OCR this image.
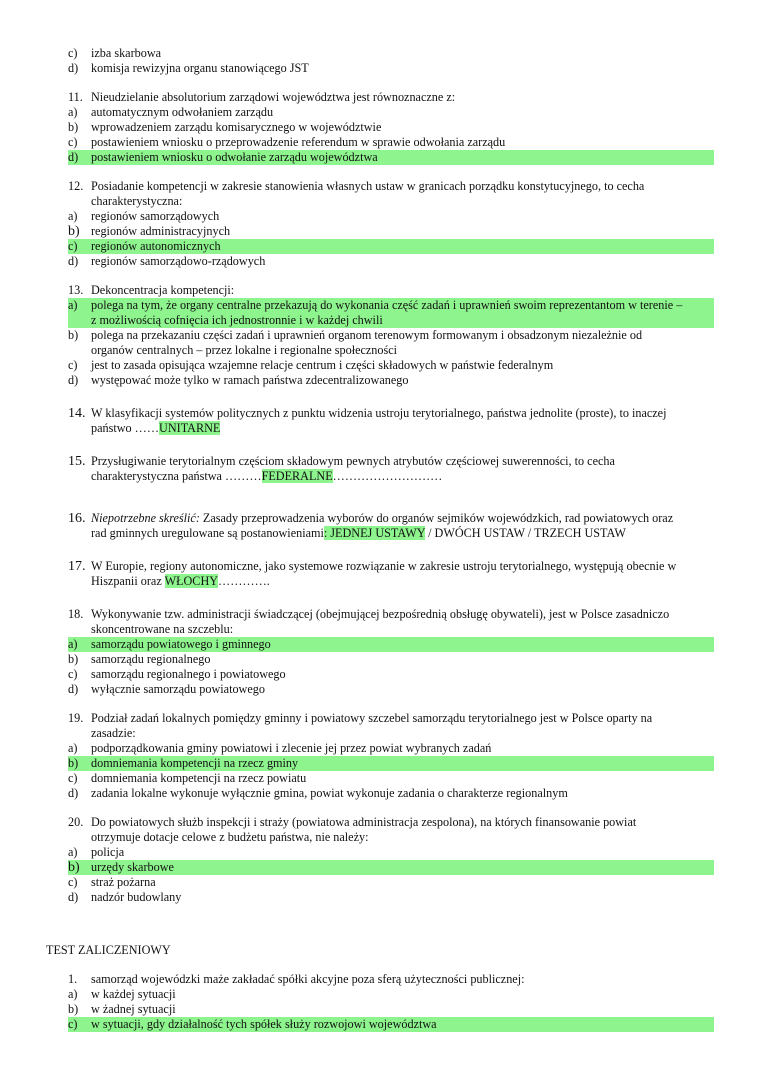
c)	izba skarbowa
d)	komisja rewizyjna organu stanowiącego JST
11. Nieudzielanie absolutorium zarządowi województwa jest równoznaczne z:
a)	automatycznym odwołaniem zarządu
b)	wprowadzeniem zarządu komisarycznego w województwie
c)	postawieniem wniosku o przeprowadzenie referendum w sprawie odwołania zarządu
d)	postawieniem wniosku o odwołanie zarządu województwa
12. Posiadanie kompetencji w zakresie stanowienia własnych ustaw w granicach porządku konstytucyjnego, to cecha
charakterystyczna:
a)	regionów samorządowych
b) regionów administracyjnych
c)	regionów autonomicznych
d)	regionów samorządowo-rządowych
13. Dekoncentracja kompetencji:
a)	polega na tym, że organy centralne przekazują do wykonania część zadań i uprawnień swoim reprezentantom w terenie –
z możliwością cofnięcia ich jednostronnie i w każdej chwili
b)	polega na przekazaniu części zadań i uprawnień organom terenowym formowanym i obsadzonym niezależnie od
organów centralnych – przez lokalne i regionalne społeczności
c)	jest to zasada opisująca wzajemne relacje centrum i części składowych w państwie federalnym
d)	występować może tylko w ramach państwa zdecentralizowanego
14. W klasyfikacji systemów politycznych z punktu widzenia ustroju terytorialnego, państwa jednolite (proste), to inaczej
państwo ……UNITARNE
15. Przysługiwanie terytorialnym częściom składowym pewnych atrybutów częściowej suwerenności, to cecha
charakterystyczna państwa ………FEDERALNE………………………
16. Niepotrzebne skreślić: Zasady przeprowadzenia wyborów do organów sejmików wojewódzkich, rad powiatowych oraz
rad gminnych uregulowane są postanowieniami: JEDNEJ USTAWY / DWÓCH USTAW / TRZECH USTAW
17. W Europie, regiony autonomiczne, jako systemowe rozwiązanie w zakresie ustroju terytorialnego, występują obecnie w
Hiszpanii oraz WŁOCHY………….
18. Wykonywanie tzw. administracji świadczącej (obejmującej bezpośrednią obsługę obywateli), jest w Polsce zasadniczo
skoncentrowane na szczeblu:
a)	samorządu powiatowego i gminnego
b)	samorządu regionalnego
c)	samorządu regionalnego i powiatowego
d)	wyłącznie samorządu powiatowego
19. Podział zadań lokalnych pomiędzy gminny i powiatowy szczebel samorządu terytorialnego jest w Polsce oparty na
zasadzie:
a)	podporządkowania gminy powiatowi i zlecenie jej przez powiat wybranych zadań
b)	domniemania kompetencji na rzecz gminy
c)	domniemania kompetencji na rzecz powiatu
d)	zadania lokalne wykonuje wyłącznie gmina, powiat wykonuje zadania o charakterze regionalnym
20. Do powiatowych służb inspekcji i straży (powiatowa administracja zespolona), na których finansowanie powiat
otrzymuje dotacje celowe z budżetu państwa, nie należy:
a)	policja
b) urzędy skarbowe
c)	straż pożarna
d)	nadzór budowlany
TEST ZALICZENIOWY
1.	samorząd wojewódzki maże zakładać spółki akcyjne poza sferą użyteczności publicznej:
a)	w każdej sytuacji
b)	w żadnej sytuacji
c)	w sytuacji, gdy działalność tych spółek służy rozwojowi województwa
